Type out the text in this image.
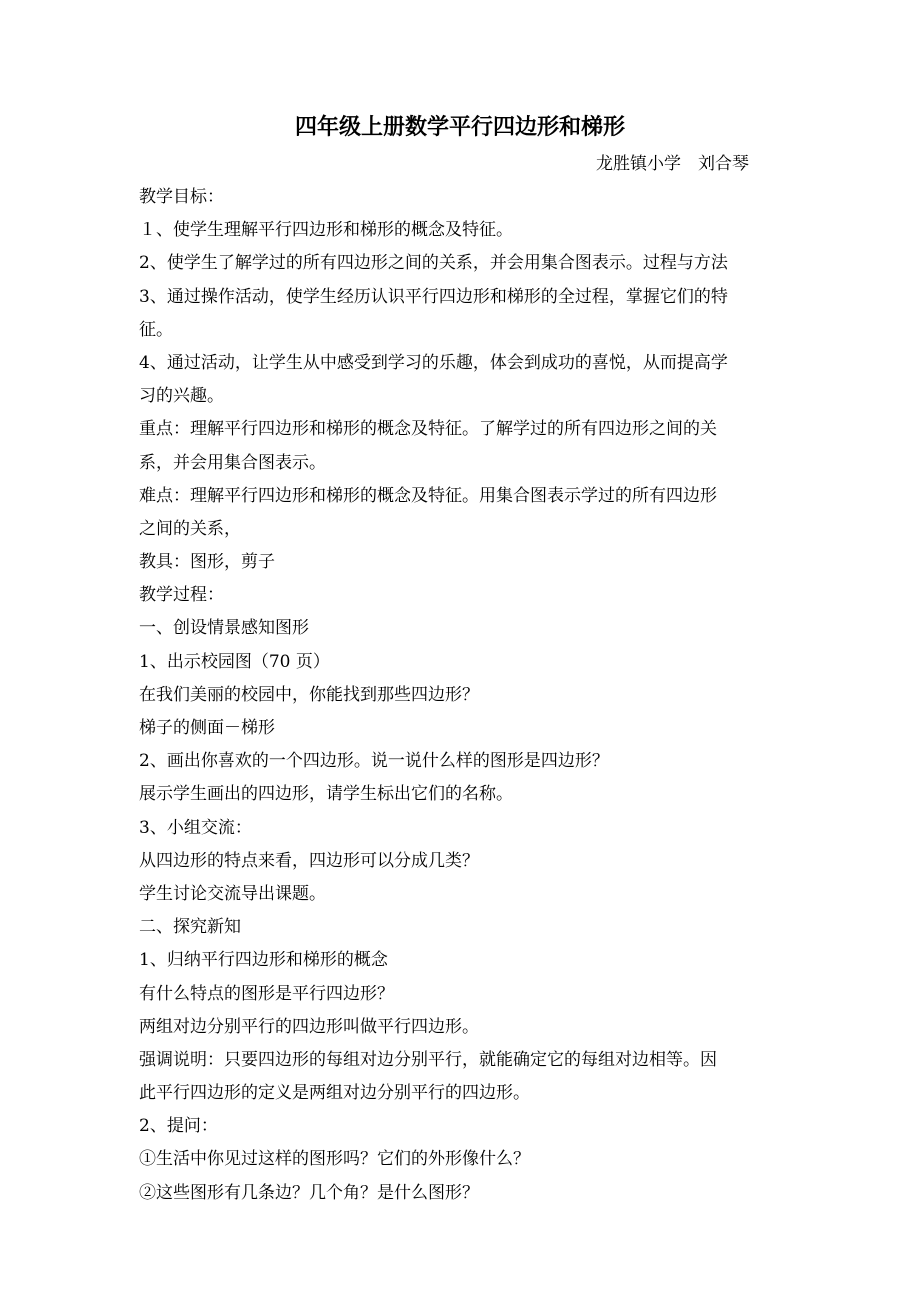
四年级上册数学平行四边形和梯形
龙胜镇小学　刘合琴
教学目标：
１、使学生理解平行四边形和梯形的概念及特征。
2、使学生了解学过的所有四边形之间的关系，并会用集合图表示。过程与方法
3、通过操作活动，使学生经历认识平行四边形和梯形的全过程，掌握它们的特
征。
4、通过活动，让学生从中感受到学习的乐趣，体会到成功的喜悦，从而提高学
习的兴趣。
重点：理解平行四边形和梯形的概念及特征。了解学过的所有四边形之间的关
系，并会用集合图表示。
难点：理解平行四边形和梯形的概念及特征。用集合图表示学过的所有四边形
之间的关系，
教具：图形，剪子
教学过程：
一、创设情景感知图形
1、出示校园图（70 页）
在我们美丽的校园中，你能找到那些四边形？
梯子的侧面－梯形
2、画出你喜欢的一个四边形。说一说什么样的图形是四边形？
展示学生画出的四边形，请学生标出它们的名称。
3、小组交流：
从四边形的特点来看，四边形可以分成几类？
学生讨论交流导出课题。
二、探究新知
1、归纳平行四边形和梯形的概念
有什么特点的图形是平行四边形？
两组对边分别平行的四边形叫做平行四边形。
强调说明：只要四边形的每组对边分别平行，就能确定它的每组对边相等。因
此平行四边形的定义是两组对边分别平行的四边形。
2、提问：
①生活中你见过这样的图形吗？它们的外形像什么？
②这些图形有几条边？几个角？是什么图形？
